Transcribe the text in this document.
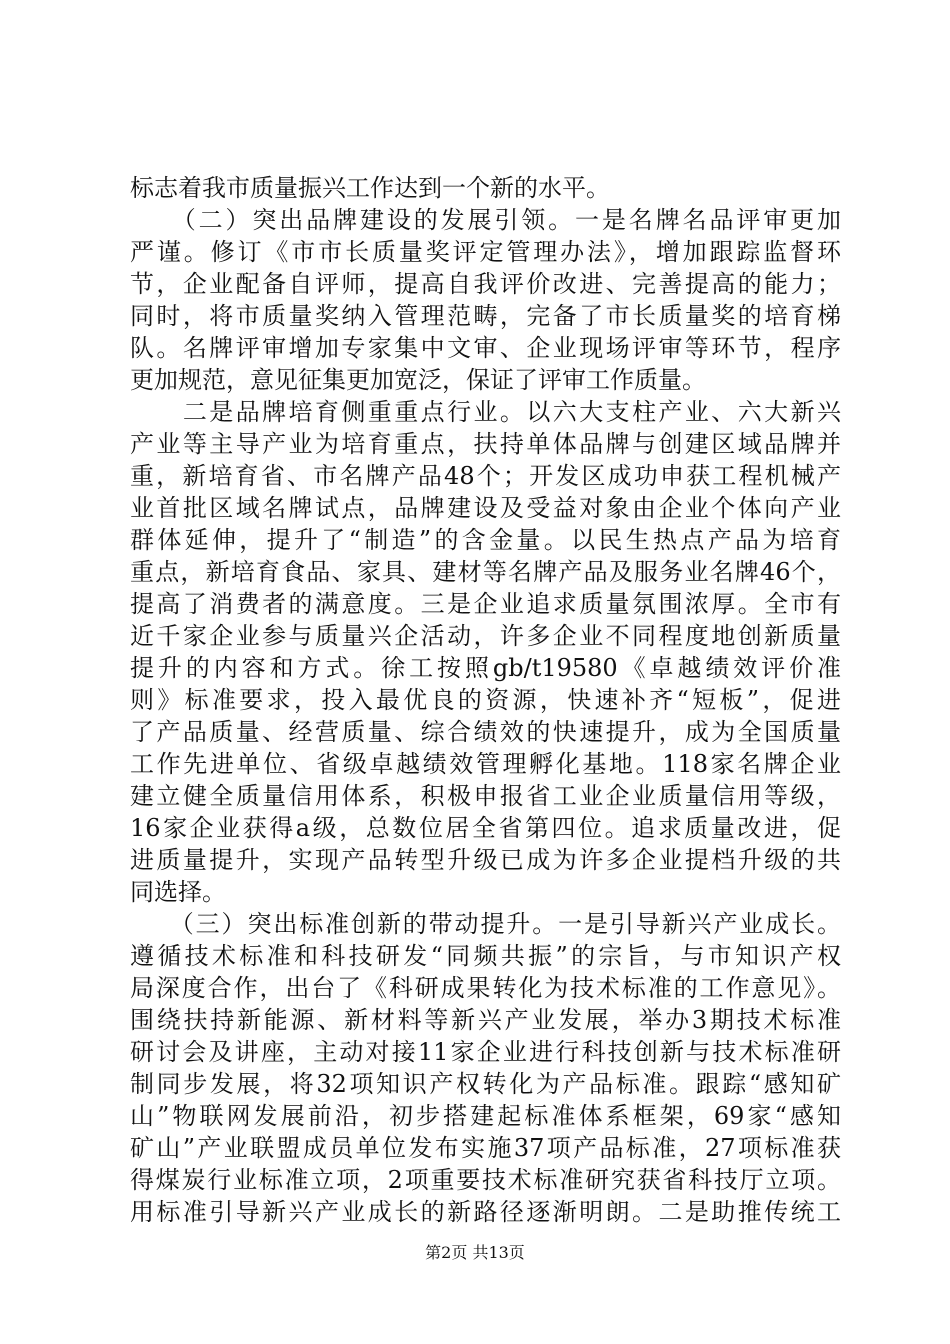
标志着我市质量振兴工作达到一个新的水平。
　　（二）突出品牌建设的发展引领。一是名牌名品评审更加
严谨。修订《市市长质量奖评定管理办法》，增加跟踪监督环
节，企业配备自评师，提高自我评价改进、完善提高的能力；
同时，将市质量奖纳入管理范畴，完备了市长质量奖的培育梯
队。名牌评审增加专家集中文审、企业现场评审等环节，程序
更加规范，意见征集更加宽泛，保证了评审工作质量。
　　二是品牌培育侧重重点行业。以六大支柱产业、六大新兴
产业等主导产业为培育重点，扶持单体品牌与创建区域品牌并
重，新培育省、市名牌产品48个；开发区成功申获工程机械产
业首批区域名牌试点，品牌建设及受益对象由企业个体向产业
群体延伸，提升了“制造”的含金量。以民生热点产品为培育
重点，新培育食品、家具、建材等名牌产品及服务业名牌46个，
提高了消费者的满意度。三是企业追求质量氛围浓厚。全市有
近千家企业参与质量兴企活动，许多企业不同程度地创新质量
提升的内容和方式。徐工按照gb/t19580《卓越绩效评价准
则》标准要求，投入最优良的资源，快速补齐“短板”，促进
了产品质量、经营质量、综合绩效的快速提升，成为全国质量
工作先进单位、省级卓越绩效管理孵化基地。118家名牌企业
建立健全质量信用体系，积极申报省工业企业质量信用等级，
16家企业获得a级，总数位居全省第四位。追求质量改进，促
进质量提升，实现产品转型升级已成为许多企业提档升级的共
同选择。
　　（三）突出标准创新的带动提升。一是引导新兴产业成长。
遵循技术标准和科技研发“同频共振”的宗旨，与市知识产权
局深度合作，出台了《科研成果转化为技术标准的工作意见》。
围绕扶持新能源、新材料等新兴产业发展，举办3期技术标准
研讨会及讲座，主动对接11家企业进行科技创新与技术标准研
制同步发展，将32项知识产权转化为产品标准。跟踪“感知矿
山”物联网发展前沿，初步搭建起标准体系框架，69家“感知
矿山”产业联盟成员单位发布实施37项产品标准，27项标准获
得煤炭行业标准立项，2项重要技术标准研究获省科技厅立项。
用标准引导新兴产业成长的新路径逐渐明朗。二是助推传统工
第2页 共13页
